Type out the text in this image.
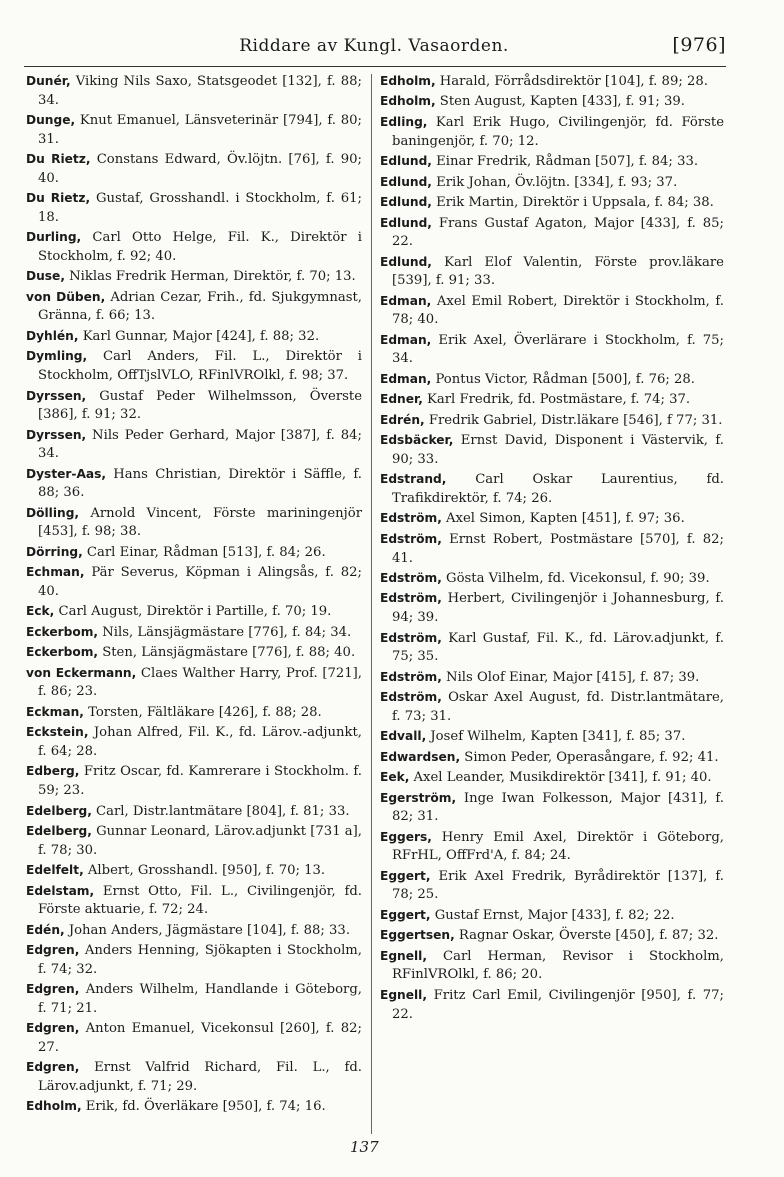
Riddare av Kungl. Vasaorden.	[976]

Dunér, Viking Nils Saxo, Statsgeodet [132], f. 88; 34.

Dunge, Knut Emanuel, Länsveterinär [794], f. 80; 31.

Du Rietz, Constans Edward, Öv.löjtn. [76], f. 90; 40.

Du Rietz, Gustaf, Grosshandl. i Stockholm, f. 61; 18.

Durling, Carl Otto Helge, Fil. K., Direktör i Stockholm, f. 92; 40.

Duse, Niklas Fredrik Herman, Direktör, f. 70; 13.

von Düben, Adrian Cezar, Frih., fd. Sjukgymnast, Gränna, f. 66; 13.

Dyhlén, Karl Gunnar, Major [424], f. 88; 32.

Dymling, Carl Anders, Fil. L., Direktör i Stockholm, OffTjslVLO, RFinlVROlkl, f. 98; 37.

Dyrssen, Gustaf Peder Wilhelmsson, Överste [386], f. 91; 32.

Dyrssen, Nils Peder Gerhard, Major [387], f. 84; 34.

Dyster-Aas, Hans Christian, Direktör i Säffle, f. 88; 36.

Dölling, Arnold Vincent, Förste mariningenjör [453], f. 98; 38.

Dörring, Carl Einar, Rådman [513], f. 84; 26.

Echman, Pär Severus, Köpman i Alingsås, f. 82; 40.

Eck, Carl August, Direktör i Partille, f. 70; 19.

Eckerbom, Nils, Länsjägmästare [776], f. 84; 34.

Eckerbom, Sten, Länsjägmästare [776], f. 88; 40.

von Eckermann, Claes Walther Harry, Prof. [721], f. 86; 23.

Eckman, Torsten, Fältläkare [426], f. 88; 28.

Eckstein, Johan Alfred, Fil. K., fd. Lärov.-adjunkt, f. 64; 28.

Edberg, Fritz Oscar, fd. Kamrerare i Stockholm. f. 59; 23.

Edelberg, Carl, Distr.lantmätare [804], f. 81; 33.

Edelberg, Gunnar Leonard, Lärov.adjunkt [731 a], f. 78; 30.

Edelfelt, Albert, Grosshandl. [950], f. 70; 13.

Edelstam, Ernst Otto, Fil. L., Civilingenjör, fd. Förste aktuarie, f. 72; 24.

Edén, Johan Anders, Jägmästare [104], f. 88; 33.

Edgren, Anders Henning, Sjökapten i Stockholm, f. 74; 32.

Edgren, Anders Wilhelm, Handlande i Göteborg, f. 71; 21.

Edgren, Anton Emanuel, Vicekonsul [260], f. 82; 27.

Edgren, Ernst Valfrid Richard, Fil. L., fd. Lärov.adjunkt, f. 71; 29.

Edholm, Erik, fd. Överläkare [950], f. 74; 16.

Edholm, Harald, Förrådsdirektör [104], f. 89; 28.

Edholm, Sten August, Kapten [433], f. 91; 39.

Edling, Karl Erik Hugo, Civilingenjör, fd. Förste baningenjör, f. 70; 12.

Edlund, Einar Fredrik, Rådman [507], f. 84; 33.

Edlund, Erik Johan, Öv.löjtn. [334], f. 93; 37.

Edlund, Erik Martin, Direktör i Uppsala, f. 84; 38.

Edlund, Frans Gustaf Agaton, Major [433], f. 85; 22.

Edlund, Karl Elof Valentin, Förste prov.läkare [539], f. 91; 33.

Edman, Axel Emil Robert, Direktör i Stockholm, f. 78; 40.

Edman, Erik Axel, Överlärare i Stockholm, f. 75; 34.

Edman, Pontus Victor, Rådman [500], f. 76; 28.

Edner, Karl Fredrik, fd. Postmästare, f. 74; 37.

Edrén, Fredrik Gabriel, Distr.läkare [546], f 77; 31.

Edsbäcker, Ernst David, Disponent i Västervik, f. 90; 33.

Edstrand, Carl Oskar Laurentius, fd. Trafikdirektör, f. 74; 26.

Edström, Axel Simon, Kapten [451], f. 97; 36.

Edström, Ernst Robert, Postmästare [570], f. 82; 41.

Edström, Gösta Vilhelm, fd. Vicekonsul, f. 90; 39.

Edström, Herbert, Civilingenjör i Johannesburg, f. 94; 39.

Edström, Karl Gustaf, Fil. K., fd. Lärov.adjunkt, f. 75; 35.

Edström, Nils Olof Einar, Major [415], f. 87; 39.

Edström, Oskar Axel August, fd. Distr.lantmätare, f. 73; 31.

Edvall, Josef Wilhelm, Kapten [341], f. 85; 37.

Edwardsen, Simon Peder, Operasångare, f. 92; 41.

Eek, Axel Leander, Musikdirektör [341], f. 91; 40.

Egerström, Inge Iwan Folkesson, Major [431], f. 82; 31.

Eggers, Henry Emil Axel, Direktör i Göteborg, RFrHL, OffFrd'A, f. 84; 24.

Eggert, Erik Axel Fredrik, Byrådirektör [137], f. 78; 25.

Eggert, Gustaf Ernst, Major [433], f. 82; 22.

Eggertsen, Ragnar Oskar, Överste [450], f. 87; 32.

Egnell, Carl Herman, Revisor i Stockholm, RFinlVROlkl, f. 86; 20.

Egnell, Fritz Carl Emil, Civilingenjör [950], f. 77; 22.

137
